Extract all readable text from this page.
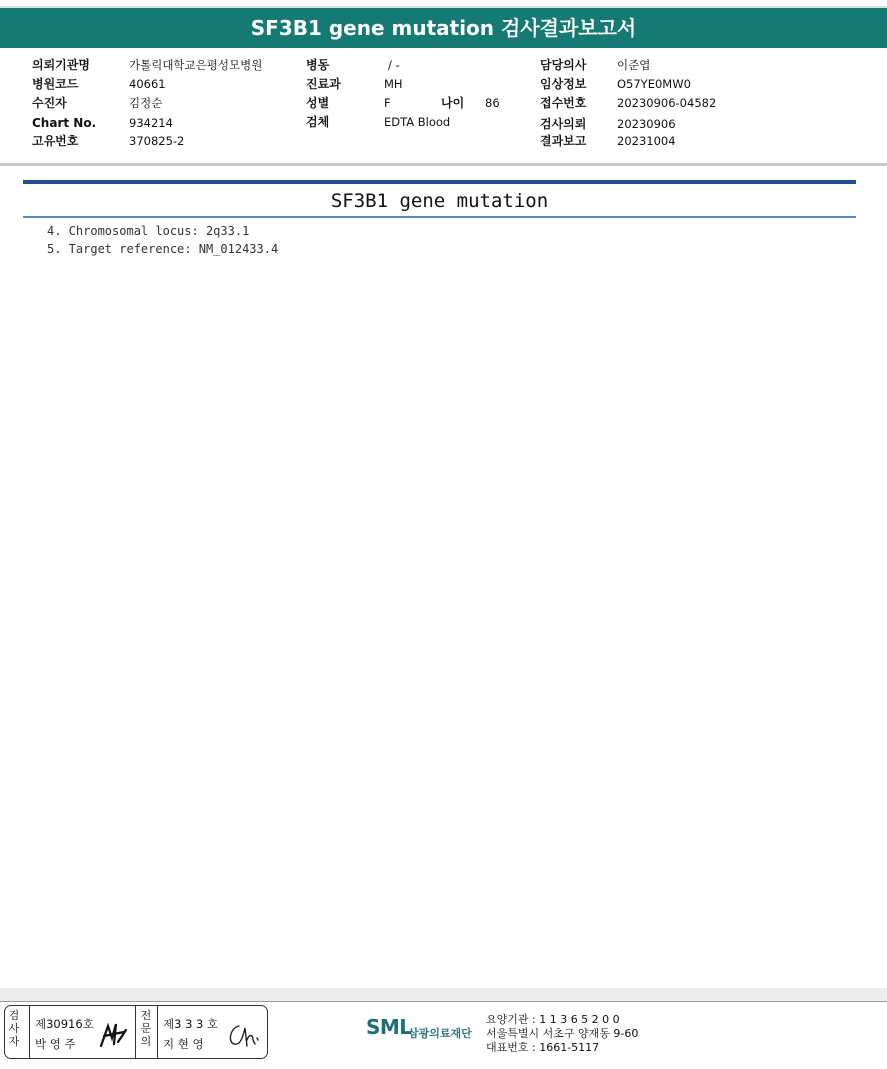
SF3B1 gene mutation 검사결과보고서
의뢰기관명	가톨릭대학교은평성모병원
병원코드	40661
수진자	김정순
Chart No.	934214
고유번호	370825-2
병동	/ -
진료과	MH
성별	F	나이 86
검체	EDTA Blood
담당의사	이준엽
임상정보	O57YE0MW0
접수번호	20230906-04582
검사의뢰	20230906
결과보고	20231004
SF3B1 gene mutation
4. Chromosomal locus: 2q33.1
5. Target reference: NM_012433.4
검
사
자
제30916호
박 영 주
전
문
의
제3 3 3 호
지 현 영
SML
삼광의료재단
요양기관 : 1 1 3 6 5 2 0 0
서울특별시 서초구 양재동 9-60
대표번호 : 1661-5117
